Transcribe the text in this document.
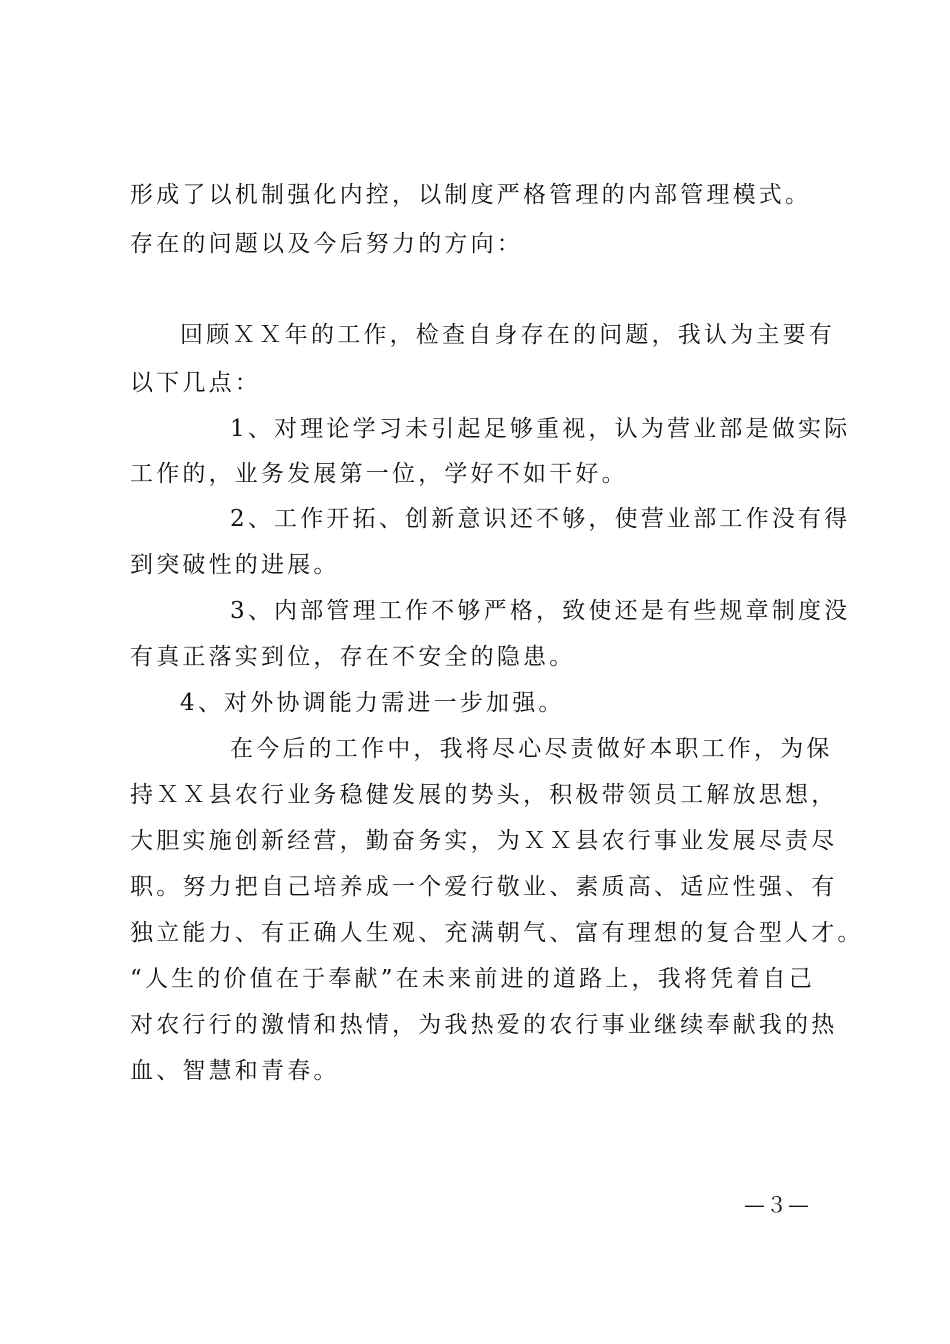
形成了以机制强化内控，以制度严格管理的内部管理模式。
存在的问题以及今后努力的方向：
回顾ＸＸ年的工作，检查自身存在的问题，我认为主要有
以下几点：
1、对理论学习未引起足够重视，认为营业部是做实际
工作的，业务发展第一位，学好不如干好。
2、工作开拓、创新意识还不够，使营业部工作没有得
到突破性的进展。
3、内部管理工作不够严格，致使还是有些规章制度没
有真正落实到位，存在不安全的隐患。
4、对外协调能力需进一步加强。
在今后的工作中，我将尽心尽责做好本职工作，为保
持ＸＸ县农行业务稳健发展的势头，积极带领员工解放思想，
大胆实施创新经营，勤奋务实，为ＸＸ县农行事业发展尽责尽
职。努力把自己培养成一个爱行敬业、素质高、适应性强、有
独立能力、有正确人生观、充满朝气、富有理想的复合型人才。
“人生的价值在于奉献”在未来前进的道路上，我将凭着自己
对农行行的激情和热情，为我热爱的农行事业继续奉献我的热
血、智慧和青春。
—３—
